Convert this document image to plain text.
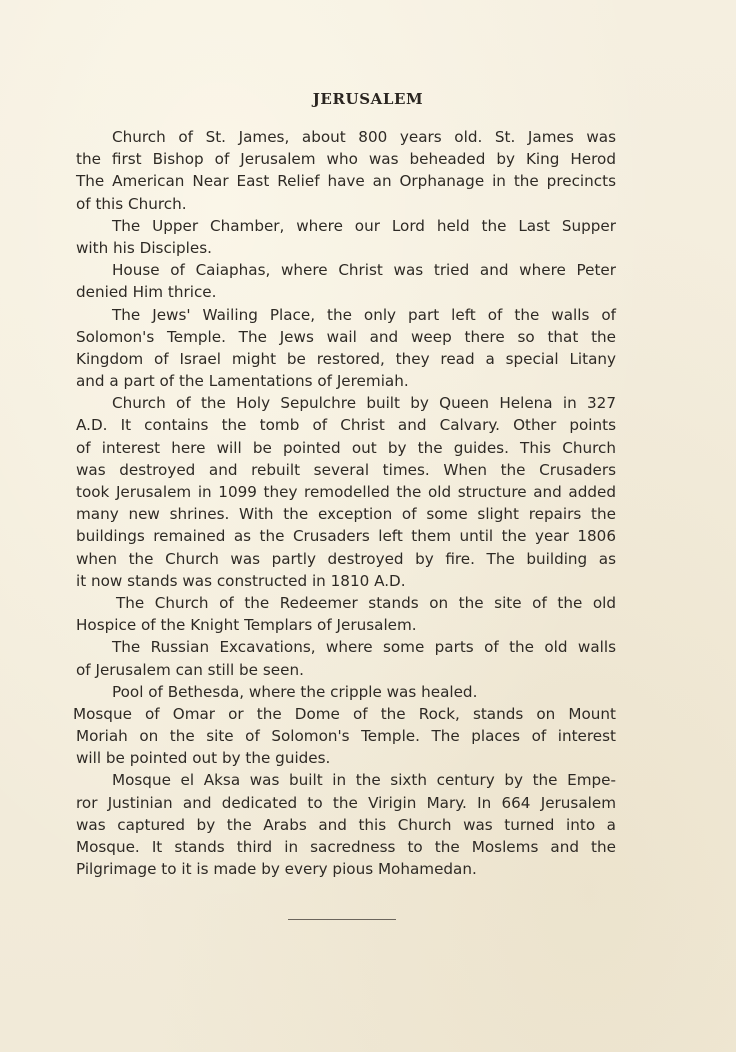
JERUSALEM
Church of St. James, about 800 years old. St. James was
the first Bishop of Jerusalem who was beheaded by King Herod
The American Near East Relief have an Orphanage in the precincts
of this Church.
The Upper Chamber, where our Lord held the Last Supper
with his Disciples.
House of Caiaphas, where Christ was tried and where Peter
denied Him thrice.
The Jews' Wailing Place, the only part left of the walls of
Solomon's Temple. The Jews wail and weep there so that the
Kingdom of Israel might be restored, they read a special Litany
and a part of the Lamentations of Jeremiah.
Church of the Holy Sepulchre built by Queen Helena in 327
A.D. It contains the tomb of Christ and Calvary. Other points
of interest here will be pointed out by the guides. This Church
was destroyed and rebuilt several times. When the Crusaders
took Jerusalem in 1099 they remodelled the old structure and added
many new shrines. With the exception of some slight repairs the
buildings remained as the Crusaders left them until the year 1806
when the Church was partly destroyed by fire. The building as
it now stands was constructed in 1810 A.D.
The Church of the Redeemer stands on the site of the old
Hospice of the Knight Templars of Jerusalem.
The Russian Excavations, where some parts of the old walls
of Jerusalem can still be seen.
Pool of Bethesda, where the cripple was healed.
Mosque of Omar or the Dome of the Rock, stands on Mount
Moriah on the site of Solomon's Temple. The places of interest
will be pointed out by the guides.
Mosque el Aksa was built in the sixth century by the Empe-
ror Justinian and dedicated to the Virigin Mary. In 664 Jerusalem
was captured by the Arabs and this Church was turned into a
Mosque. It stands third in sacredness to the Moslems and the
Pilgrimage to it is made by every pious Mohamedan.
